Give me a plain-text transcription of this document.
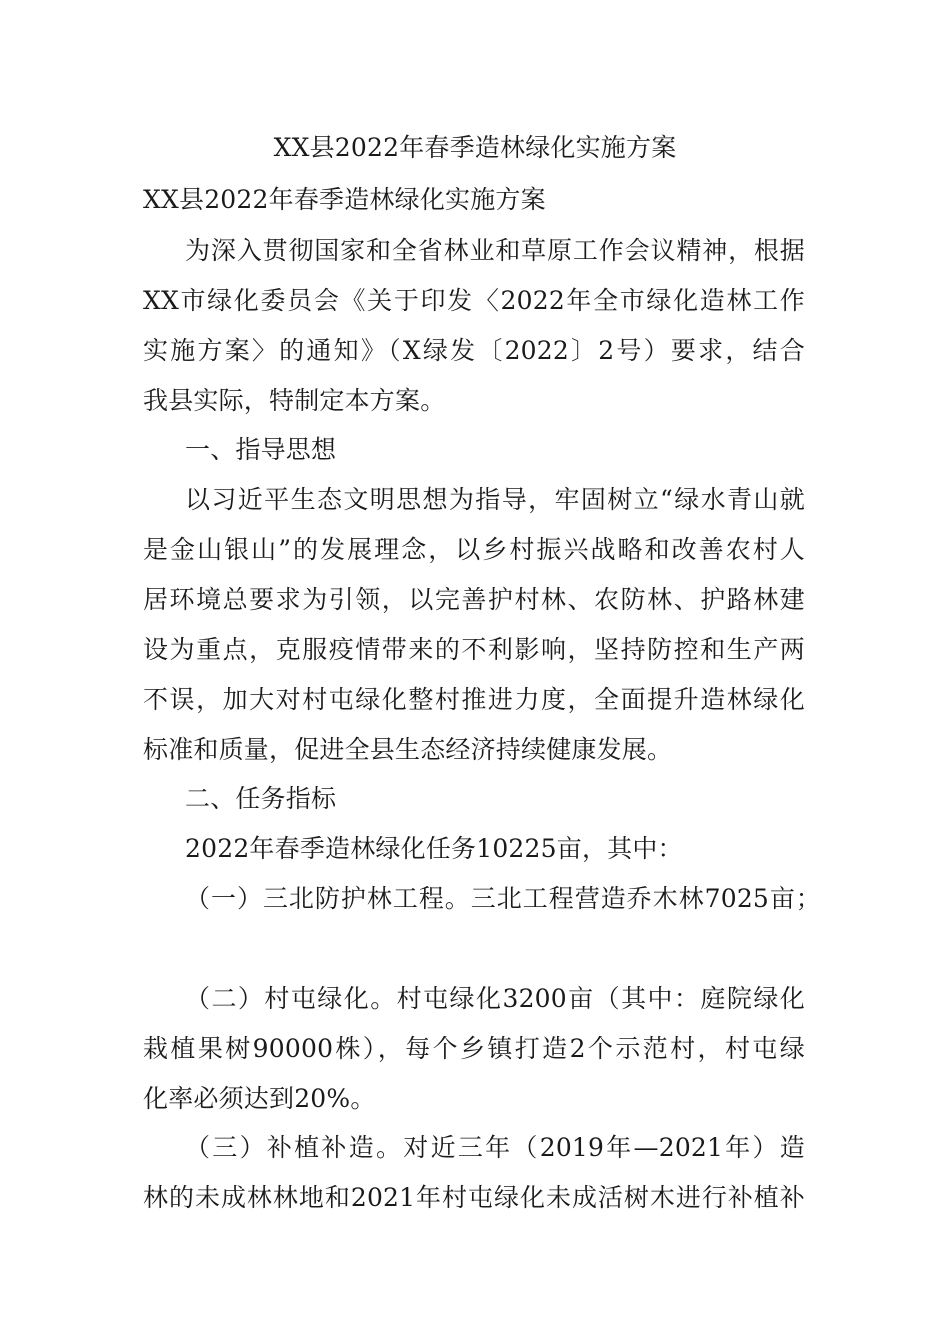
XX县2022年春季造林绿化实施方案
XX县2022年春季造林绿化实施方案
为深入贯彻国家和全省林业和草原工作会议精神，根据
XX市绿化委员会《关于印发〈2022年全市绿化造林工作
实施方案〉的通知》（X绿发〔2022〕2号）要求，结合
我县实际，特制定本方案。
一、指导思想
以习近平生态文明思想为指导，牢固树立“绿水青山就
是金山银山”的发展理念，以乡村振兴战略和改善农村人
居环境总要求为引领，以完善护村林、农防林、护路林建
设为重点，克服疫情带来的不利影响，坚持防控和生产两
不误，加大对村屯绿化整村推进力度，全面提升造林绿化
标准和质量，促进全县生态经济持续健康发展。
二、任务指标
2022年春季造林绿化任务10225亩，其中：
（一）三北防护林工程。三北工程营造乔木林7025亩；
（二）村屯绿化。村屯绿化3200亩（其中：庭院绿化
栽植果树90000株），每个乡镇打造2个示范村，村屯绿
化率必须达到20%。
（三）补植补造。对近三年（2019年—2021年）造
林的未成林林地和2021年村屯绿化未成活树木进行补植补
